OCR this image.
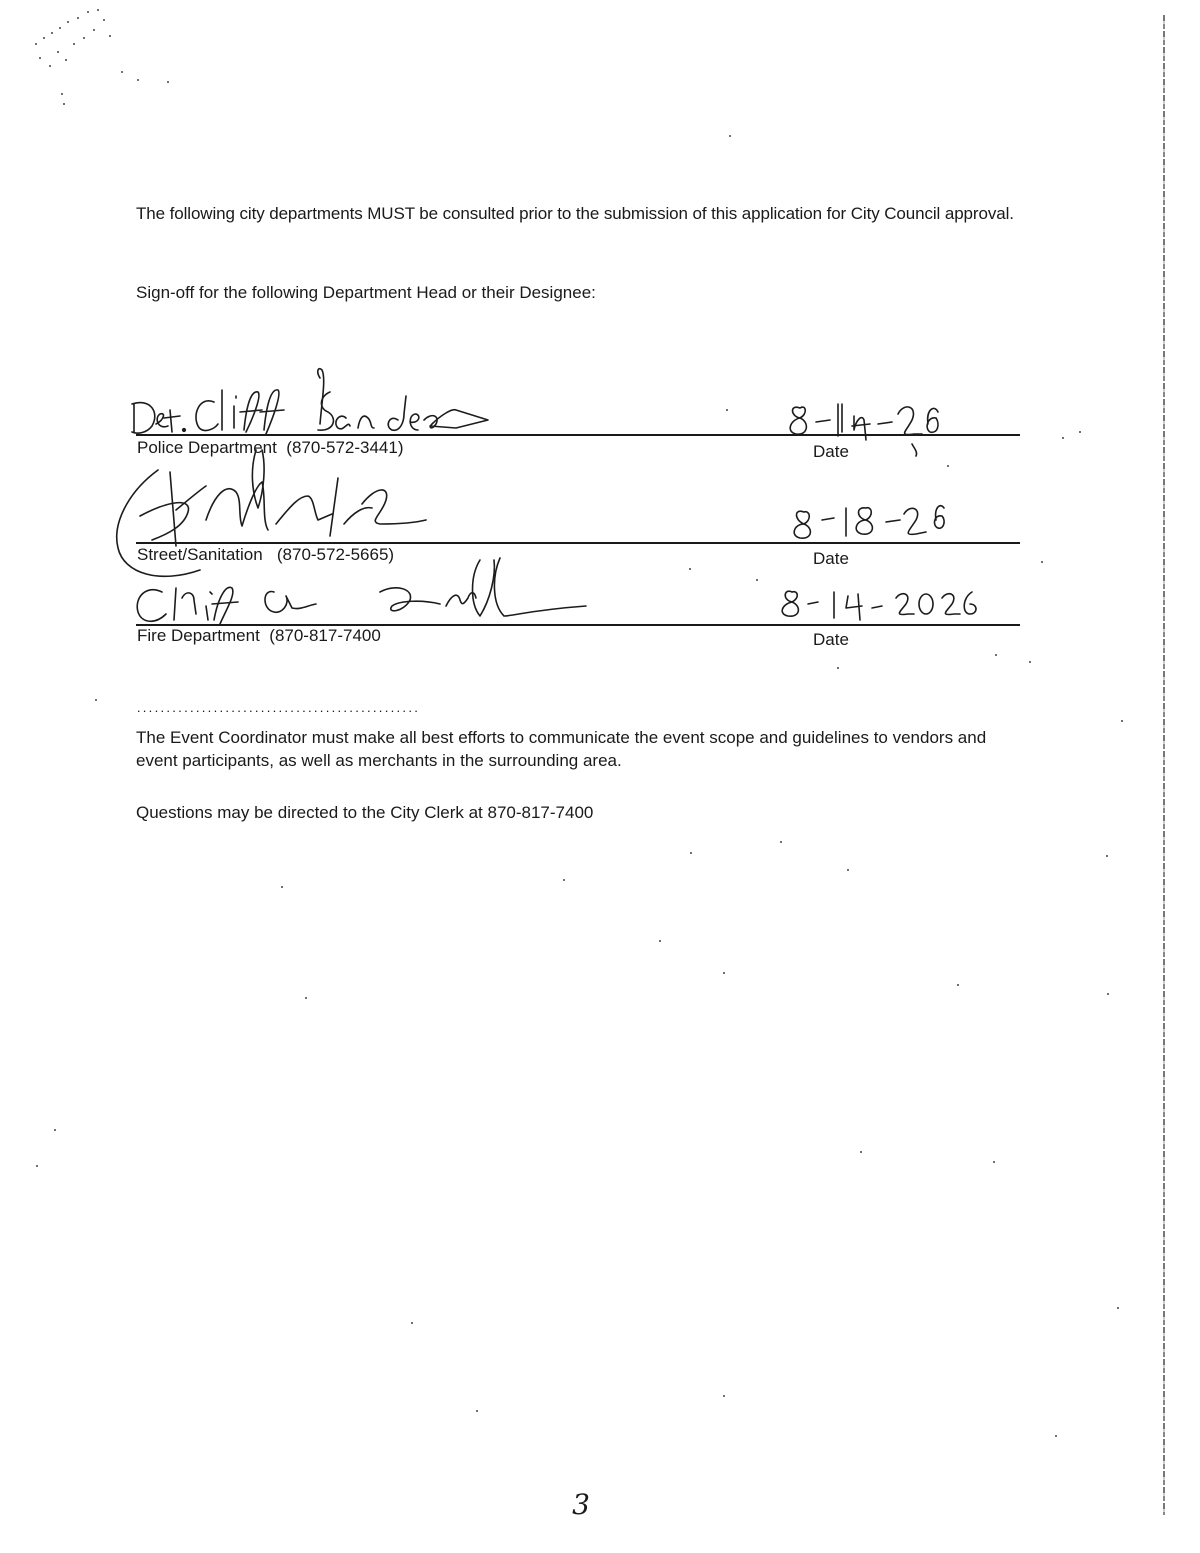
The following city departments MUST be consulted prior to the submission of this application for City Council approval.
Sign-off for the following Department Head or their Designee:
Police Department (870-572-3441)	Date
Street/Sanitation (870-572-5665)	Date
Fire Department (870-817-7400	Date
................................................
The Event Coordinator must make all best efforts to communicate the event scope and guidelines to vendors and event participants, as well as merchants in the surrounding area.
Questions may be directed to the City Clerk at 870-817-7400
3
